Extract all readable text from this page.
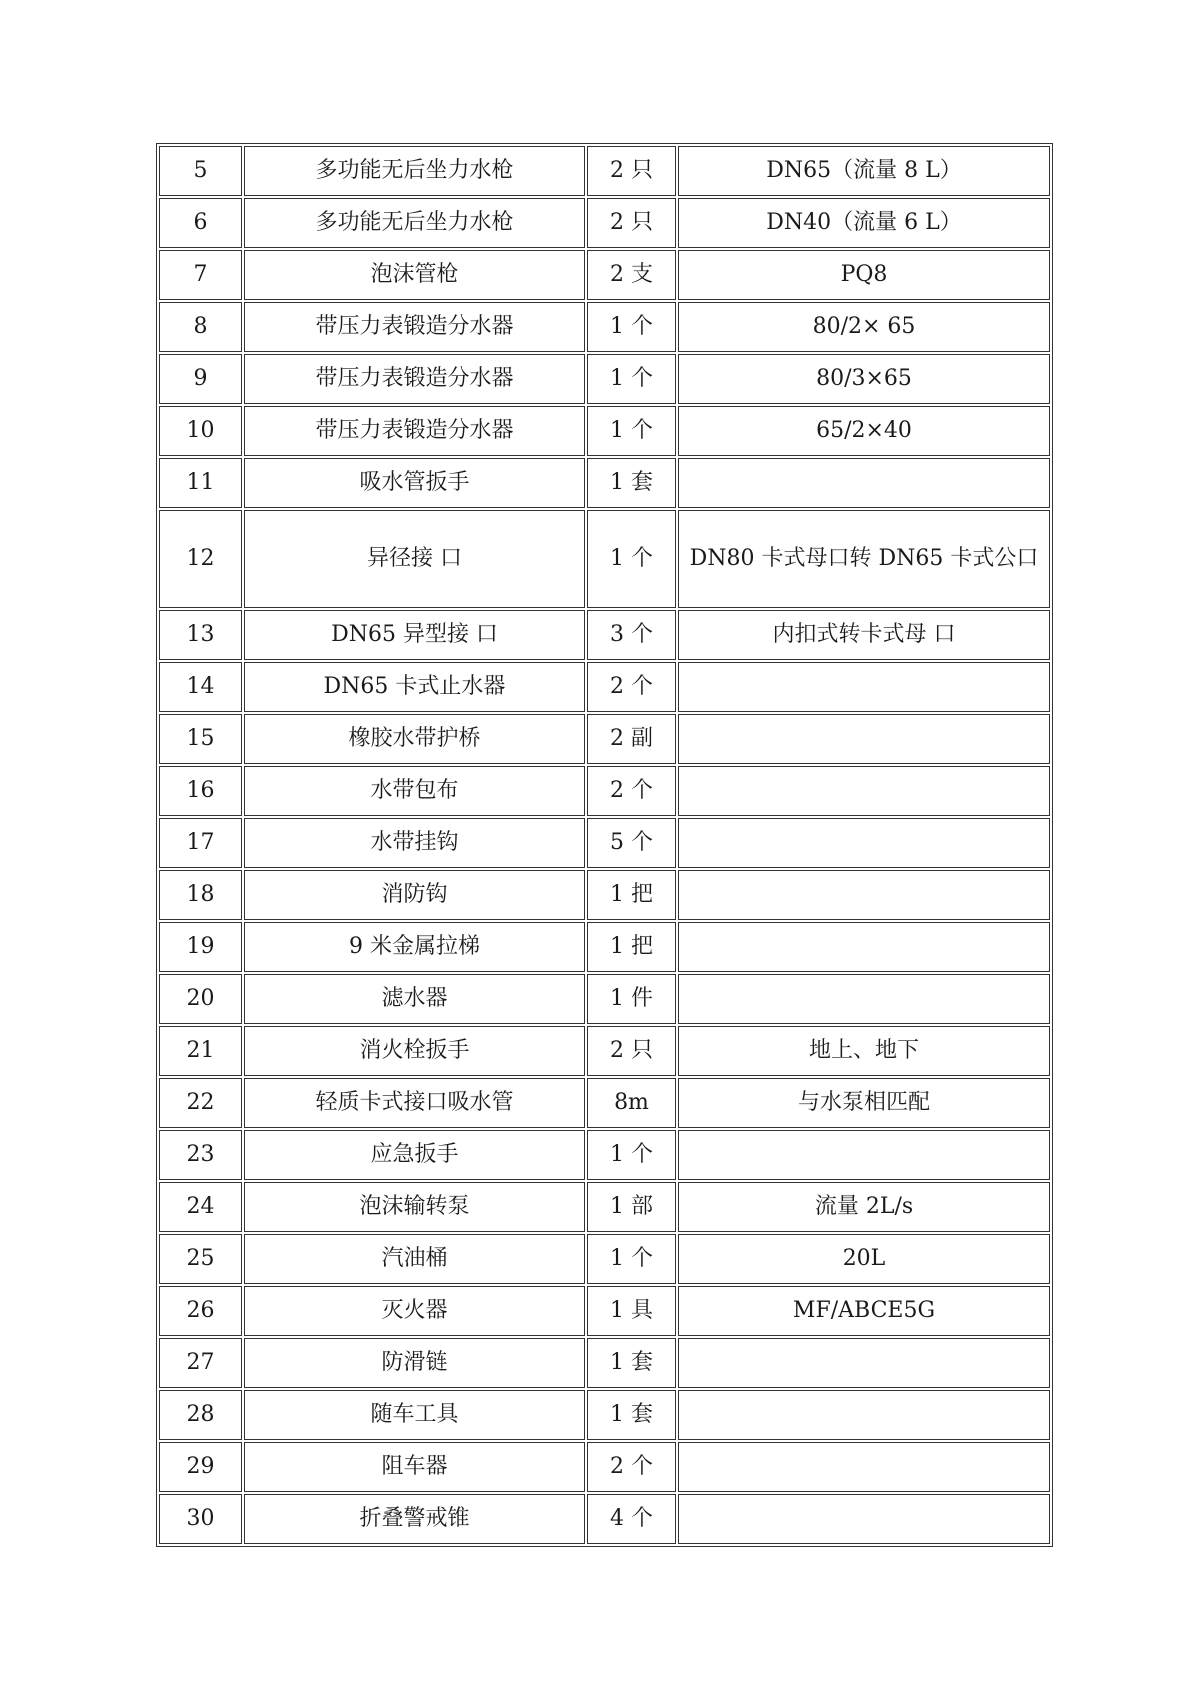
5	多功能无后坐力水枪	2 只	DN65（流量 8 L）
6	多功能无后坐力水枪	2 只	DN40（流量 6 L）
7	泡沫管枪	2 支	PQ8
8	带压力表锻造分水器	1 个	80/2× 65
9	带压力表锻造分水器	1 个	80/3×65
10	带压力表锻造分水器	1 个	65/2×40
11	吸水管扳手	1 套	
12	异径接 口	1 个	DN80 卡式母口转 DN65 卡式公口
13	DN65 异型接 口	3 个	内扣式转卡式母 口
14	DN65 卡式止水器	2 个	
15	橡胶水带护桥	2 副	
16	水带包布	2 个	
17	水带挂钩	5 个	
18	消防钩	1 把	
19	9 米金属拉梯	1 把	
20	滤水器	1 件	
21	消火栓扳手	2 只	地上、地下
22	轻质卡式接口吸水管	8m	与水泵相匹配
23	应急扳手	1 个	
24	泡沫输转泵	1 部	流量 2L/s
25	汽油桶	1 个	20L
26	灭火器	1 具	MF/ABCE5G
27	防滑链	1 套	
28	随车工具	1 套	
29	阻车器	2 个	
30	折叠警戒锥	4 个	
